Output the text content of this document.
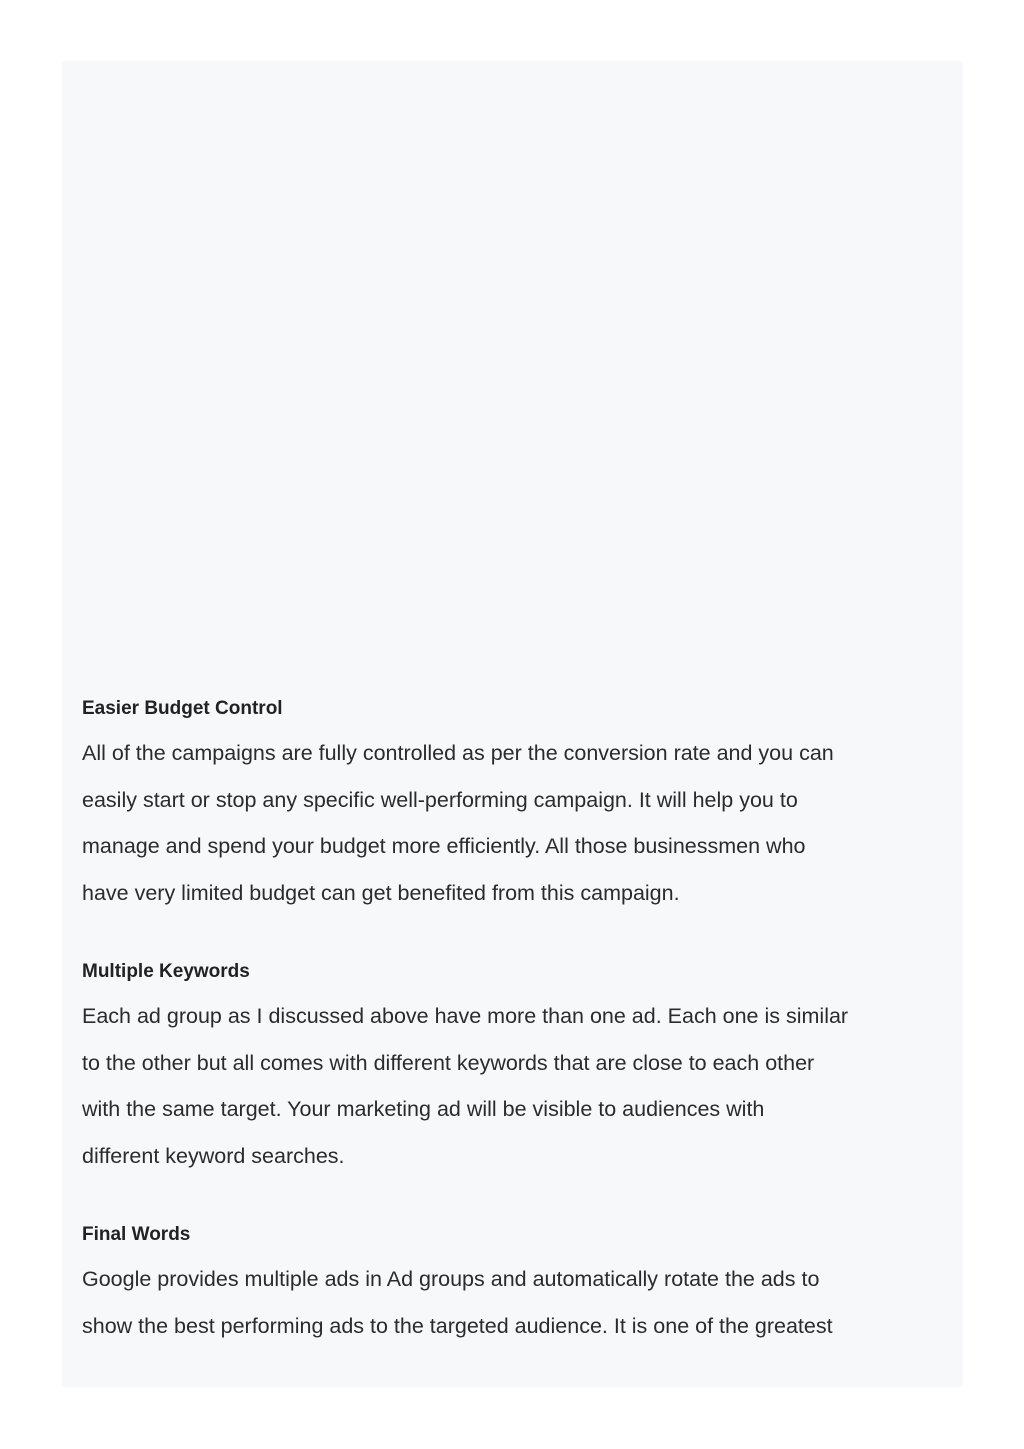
Easier Budget Control

All of the campaigns are fully controlled as per the conversion rate and you can
easily start or stop any specific well-performing campaign. It will help you to
manage and spend your budget more efficiently. All those businessmen who
have very limited budget can get benefited from this campaign.

Multiple Keywords

Each ad group as I discussed above have more than one ad. Each one is similar
to the other but all comes with different keywords that are close to each other
with the same target. Your marketing ad will be visible to audiences with
different keyword searches.

Final Words

Google provides multiple ads in Ad groups and automatically rotate the ads to
show the best performing ads to the targeted audience. It is one of the greatest
